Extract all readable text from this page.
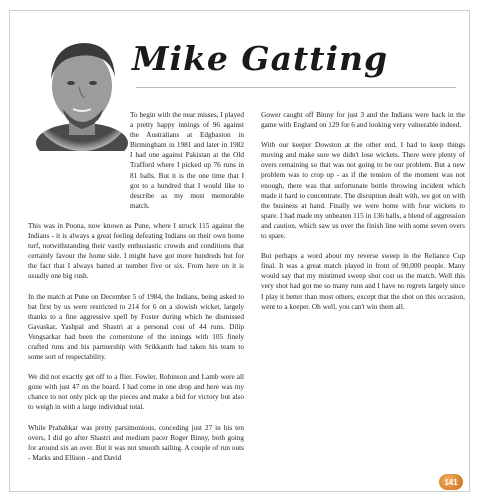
Mike Gatting

To begin with the near misses, I played a pretty happy innings of 96 against the Australians at Edgbaston in Birmingham in 1981 and later in 1982 I had one against Pakistan at the Old Trafford where I picked up 76 runs in 81 balls. But it is the one time that I got to a hundred that I would like to describe as my most memorable match.

This was in Poona, now known as Pune, where I struck 115 against the Indians - it is always a great feeling defeating Indians on their own home turf, notwithstanding their vastly enthusiastic crowds and conditions that certainly favour the home side. I might have got more hundreds but for the fact that I always batted at number five or six. From here on it is usually one big rush.

In the match at Pune on December 5 of 1984, the Indians, being asked to bat first by us were restricted to 214 for 6 on a slowish wicket, largely thanks to a fine aggressive spell by Foster during which he dismissed Gavaskar, Yashpal and Shastri at a personal cost of 44 runs. Dilip Vengsarkar had been the cornerstone of the innings with 105 finely crafted runs and his partnership with Srikkanth had taken his team to some sort of respectability.

We did not exactly get off to a flier. Fowler, Robinson and Lamb were all gone with just 47 on the board. I had come in one drop and here was my chance to not only pick up the pieces and make a bid for victory but also to weigh in with a large individual total.

While Prabahkar was pretty parsimonious, conceding just 27 in his ten overs, I did go after Shastri and medium pacer Roger Binny, both going for around six an over. But it was not smooth sailing. A couple of run outs - Marks and Ellison - and David

Gower caught off Binny for just 3 and the Indians were back in the game with England on 129 for 6 and looking very vulnerable indeed.

With our keeper Dowston at the other end, I had to keep things moving and make sure we didn't lose wickets. There were plenty of overs remaining so that was not going to be our problem. But a new problem was to crop up - as if the tension of the moment was not enough, there was that unfortunate bottle throwing incident which made it hard to concentrate. The disruption dealt with, we got on with the business at hand. Finally we were home with four wickets to spare. I had made my unbeaten 115 in 136 balls, a blend of aggression and caution, which saw us over the finish line with some seven overs to spare.

But perhaps a word about my reverse sweep in the Reliance Cup final. It was a great match played in front of 90,000 people. Many would say that my mistimed sweep shot cost us the match. Well this very shot had got me so many runs and I have no regrets largely since I play it better than most others, except that the shot on this occasion, went to a keeper. Oh well, you can't win them all.

141
